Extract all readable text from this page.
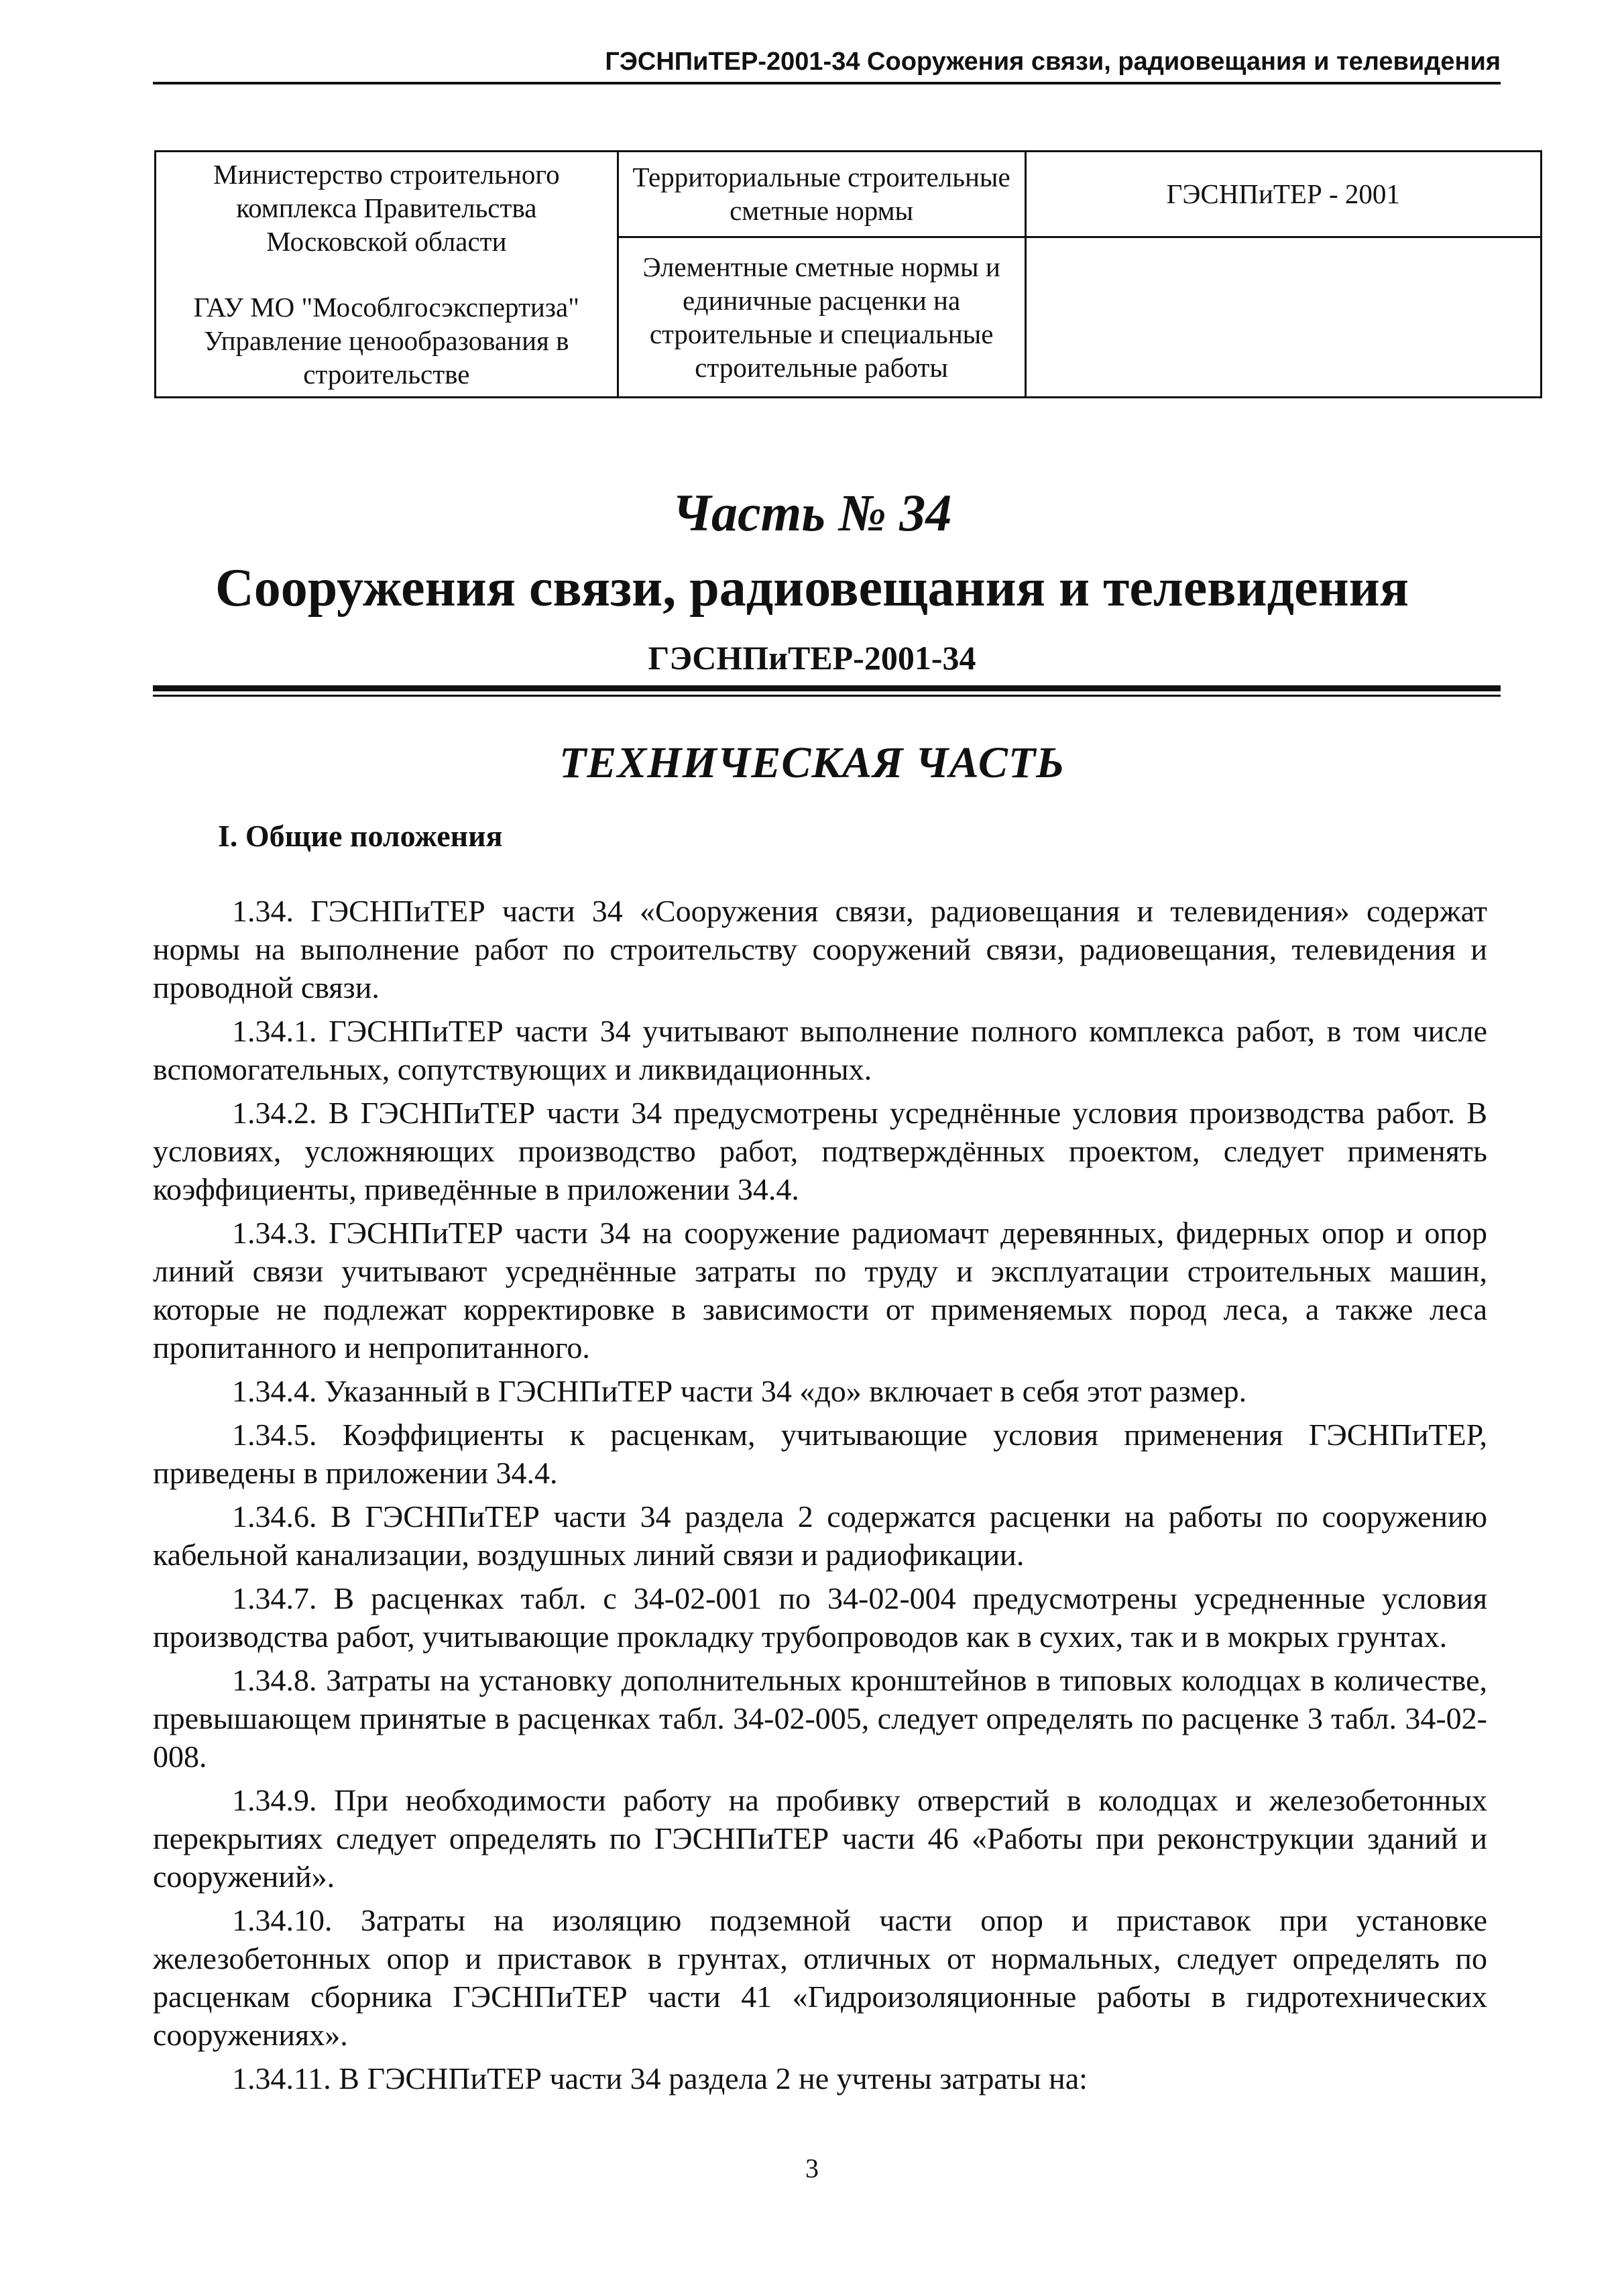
ГЭСНПиТЕР-2001-34 Сооружения связи, радиовещания и телевидения
Министерство строительного комплекса Правительства Московской области
ГАУ МО "Мособлгосэкспертиза" Управление ценообразования в строительстве	Территориальные строительные сметные нормы	ГЭСНПиТЕР - 2001
	Элементные сметные нормы и единичные расценки на строительные и специальные строительные работы	
Часть № 34
Сооружения связи, радиовещания и телевидения
ГЭСНПиТЕР-2001-34
ТЕХНИЧЕСКАЯ ЧАСТЬ
I. Общие положения

1.34. ГЭСНПиТЕР части 34 «Сооружения связи, радиовещания и телевидения» содержат нормы на выполнение работ по строительству сооружений связи, радиовещания, телевидения и проводной связи.

1.34.1. ГЭСНПиТЕР части 34 учитывают выполнение полного комплекса работ, в том числе вспомогательных, сопутствующих и ликвидационных.

1.34.2. В ГЭСНПиТЕР части 34 предусмотрены усреднённые условия производства работ. В условиях, усложняющих производство работ, подтверждённых проектом, следует применять коэффициенты, приведённые в приложении 34.4.

1.34.3. ГЭСНПиТЕР части 34 на сооружение радиомачт деревянных, фидерных опор и опор линий связи учитывают усреднённые затраты по труду и эксплуатации строительных машин, которые не подлежат корректировке в зависимости от применяемых пород леса, а также леса пропитанного и непропитанного.

1.34.4. Указанный в ГЭСНПиТЕР части 34 «до» включает в себя этот размер.

1.34.5. Коэффициенты к расценкам, учитывающие условия применения ГЭСНПиТЕР, приведены в приложении 34.4.

1.34.6. В ГЭСНПиТЕР части 34 раздела 2 содержатся расценки на работы по сооружению кабельной канализации, воздушных линий связи и радиофикации.

1.34.7. В расценках табл. с 34-02-001 по 34-02-004 предусмотрены усредненные условия производства работ, учитывающие прокладку трубопроводов как в сухих, так и в мокрых грунтах.

1.34.8. Затраты на установку дополнительных кронштейнов в типовых колодцах в количестве, превышающем принятые в расценках табл. 34-02-005, следует определять по расценке 3 табл. 34-02-008.

1.34.9. При необходимости работу на пробивку отверстий в колодцах и железобетонных перекрытиях следует определять по ГЭСНПиТЕР части 46 «Работы при реконструкции зданий и сооружений».

1.34.10. Затраты на изоляцию подземной части опор и приставок при установке железобетонных опор и приставок в грунтах, отличных от нормальных, следует определять по расценкам сборника ГЭСНПиТЕР части 41 «Гидроизоляционные работы в гидротехнических сооружениях».

1.34.11. В ГЭСНПиТЕР части 34 раздела 2 не учтены затраты на:

3
